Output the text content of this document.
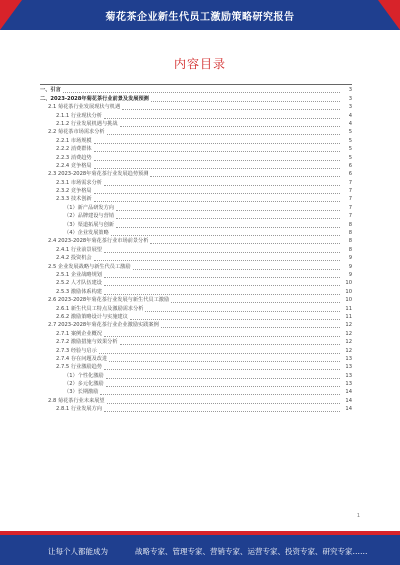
菊花茶企业新生代员工激励策略研究报告
内容目录
一、引言	3
二、2023-2028年菊花茶行业前景及发展预测	3
2.1 菊花茶行业发展现状与机遇	3
2.1.1 行业现状分析	4
2.1.2 行业发展机遇与挑战	4
2.2 菊花茶市场需求分析	5
2.2.1 市场规模	5
2.2.2 消费群体	5
2.2.3 消费趋势	5
2.2.4 竞争格局	6
2.3 2023-2028年菊花茶行业发展趋势预测	6
2.3.1 市场需求分析	7
2.3.2 竞争格局	7
2.3.3 技术创新	7
（1）新产品研发方向	7
（2）品牌建设与营销	7
（3）渠道拓展与创新	8
（4）企业发展策略	8
2.4 2023-2028年菊花茶行业市场前景分析	8
2.4.1 行业前景展望	8
2.4.2 投资机会	9
2.5 企业发展战略与新生代员工激励	9
2.5.1 企业战略规划	9
2.5.2 人才队伍建设	10
2.5.3 激励体系构建	10
2.6 2023-2028年菊花茶行业发展与新生代员工激励	10
2.6.1 新生代员工特点及激励需求分析	11
2.6.2 激励策略设计与实施建议	11
2.7 2023-2028年菊花茶行业企业激励实践案例	12
2.7.1 案例企业概况	12
2.7.2 激励措施与效果分析	12
2.7.3 经验与启示	12
2.7.4 存在问题及改进	13
2.7.5 行业激励趋势	13
（1）个性化激励	13
（2）多元化激励	13
（3）长期激励	14
2.8 菊花茶行业未来展望	14
2.8.1 行业发展方向	14
1
让每个人都能成为	战略专家、管理专家、营销专家、运营专家、投资专家、研究专家……
